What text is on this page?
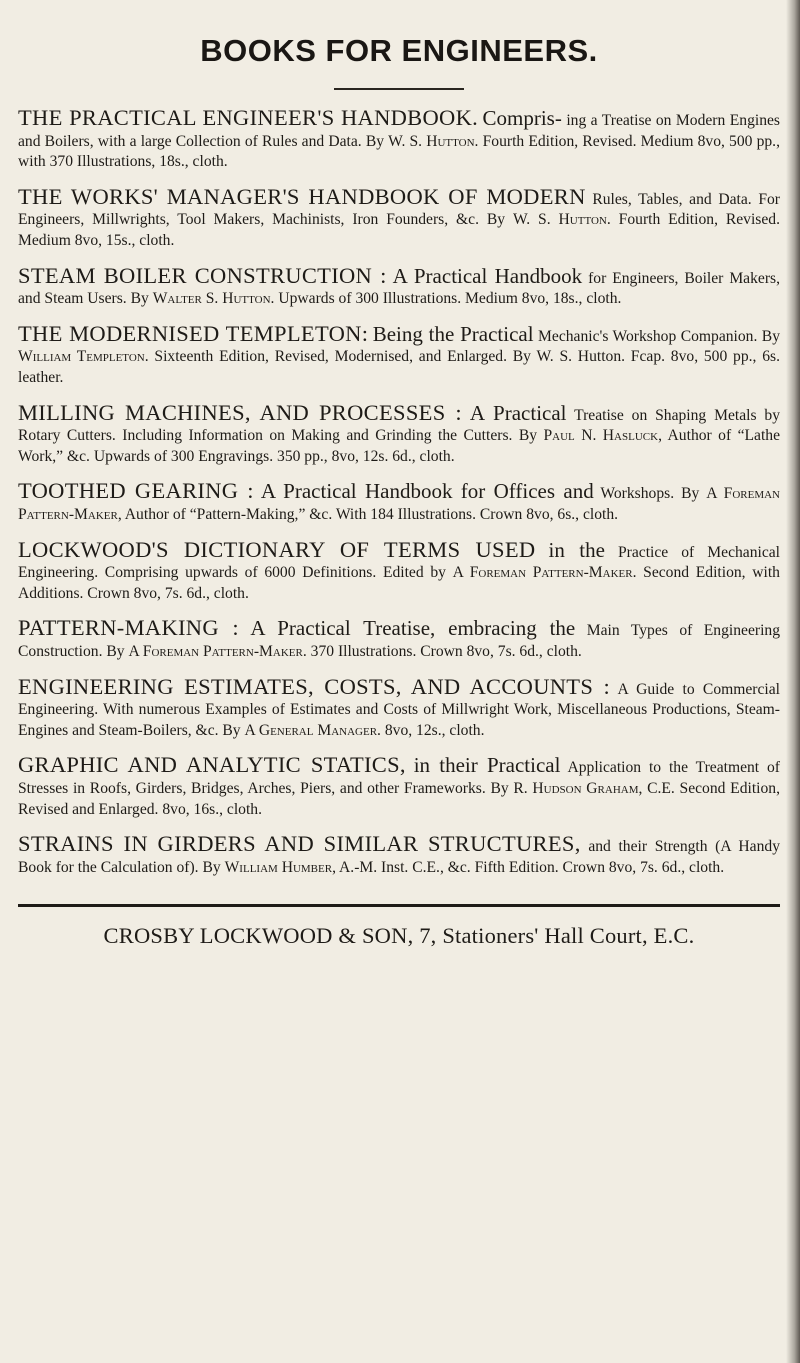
BOOKS FOR ENGINEERS.

THE PRACTICAL ENGINEER'S HANDBOOK. Compris- ing a Treatise on Modern Engines and Boilers, with a large Collection of Rules and Data. By W. S. Hutton. Fourth Edition, Revised. Medium 8vo, 500 pp., with 370 Illustrations, 18s., cloth.

THE WORKS' MANAGER'S HANDBOOK OF MODERN Rules, Tables, and Data. For Engineers, Millwrights, Tool Makers, Machinists, Iron Founders, &c. By W. S. Hutton. Fourth Edition, Revised. Medium 8vo, 15s., cloth.

STEAM BOILER CONSTRUCTION : A Practical Handbook for Engineers, Boiler Makers, and Steam Users. By Walter S. Hutton. Upwards of 300 Illustrations. Medium 8vo, 18s., cloth.

THE MODERNISED TEMPLETON: Being the Practical Mechanic's Workshop Companion. By William Templeton. Sixteenth Edition, Revised, Modernised, and Enlarged. By W. S. Hutton. Fcap. 8vo, 500 pp., 6s. leather.

MILLING MACHINES, AND PROCESSES : A Practical Treatise on Shaping Metals by Rotary Cutters. Including Information on Making and Grinding the Cutters. By Paul N. Hasluck, Author of “Lathe Work,” &c. Upwards of 300 Engravings. 350 pp., 8vo, 12s. 6d., cloth.

TOOTHED GEARING : A Practical Handbook for Offices and Workshops. By A Foreman Pattern-Maker, Author of “Pattern-Making,” &c. With 184 Illustrations. Crown 8vo, 6s., cloth.

LOCKWOOD'S DICTIONARY OF TERMS USED in the Practice of Mechanical Engineering. Comprising upwards of 6000 Definitions. Edited by A Foreman Pattern-Maker. Second Edition, with Additions. Crown 8vo, 7s. 6d., cloth.

PATTERN-MAKING : A Practical Treatise, embracing the Main Types of Engineering Construction. By A Foreman Pattern-Maker. 370 Illustrations. Crown 8vo, 7s. 6d., cloth.

ENGINEERING ESTIMATES, COSTS, AND ACCOUNTS : A Guide to Commercial Engineering. With numerous Examples of Estimates and Costs of Millwright Work, Miscellaneous Productions, Steam-Engines and Steam-Boilers, &c. By A General Manager. 8vo, 12s., cloth.

GRAPHIC AND ANALYTIC STATICS, in their Practical Application to the Treatment of Stresses in Roofs, Girders, Bridges, Arches, Piers, and other Frameworks. By R. Hudson Graham, C.E. Second Edition, Revised and Enlarged. 8vo, 16s., cloth.

STRAINS IN GIRDERS AND SIMILAR STRUCTURES, and their Strength (A Handy Book for the Calculation of). By William Humber, A.-M. Inst. C.E., &c. Fifth Edition. Crown 8vo, 7s. 6d., cloth.

CROSBY LOCKWOOD & SON, 7, Stationers' Hall Court, E.C.
